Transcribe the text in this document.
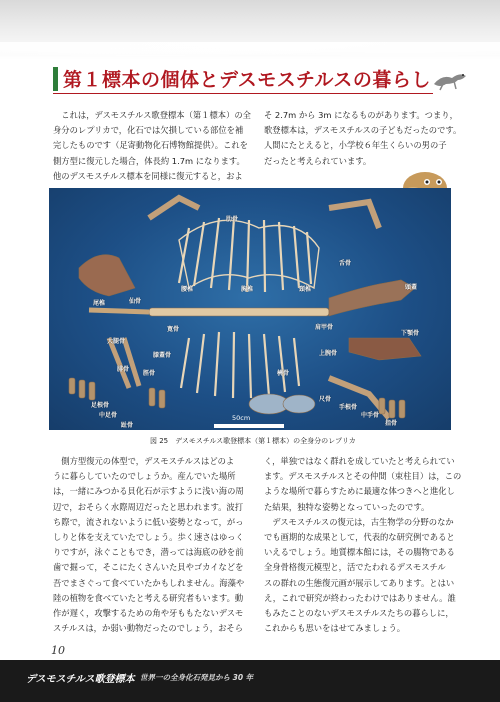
第１標本の個体とデスモスチルスの暮らし
　これは，デスモスチルス歌登標本（第１標本）の全
身分のレプリカで，化石では欠損している部位を補
完したものです（足寄動物化石博物館提供）。これを
側方型に復元した場合，体長約 1.7m になります。
他のデスモスチルス標本を同様に復元すると，およ
そ 2.7m から 3m になるものがあります。つまり，
歌登標本は，デスモスチルスの子どもだったのです。
人間にたとえると，小学校６年生くらいの男の子
だったと考えられています。
肋骨
尾椎	仙骨
腰椎	胸椎	頸椎
舌骨
頭蓋
寛骨	肩甲骨
下顎骨
大腿骨
上腕骨
膝蓋骨
脛骨
腓骨
橈骨
尺骨
足根骨
中足骨
趾骨
手根骨
中手骨
指骨
50cm
図 25　デスモスチルス歌登標本（第１標本）の全身分のレプリカ
　側方型復元の体型で，デスモスチルスはどのよ
うに暮らしていたのでしょうか。産んでいた場所
は，一緒にみつかる貝化石が示すように浅い海の周
辺で，おそらく水際周辺だったと思われます。波打
ち際で，流されないように低い姿勢となって，がっ
しりと体を支えていたでしょう。歩く速さはゆっく
りですが，泳ぐこともでき，潜っては海底の砂を前
歯で掘って，そこにたくさんいた貝やゴカイなどを
吾でまさぐって食べていたかもしれません。海藻や
陸の植物を食べていたと考える研究者もいます。動
作が遅く，攻撃するための角や牙ももたないデスモ
スチルスは，か弱い動物だったのでしょう，おそら
く，単独ではなく群れを成していたと考えられてい
ます。デスモスチルスとその仲間（束柱目）は，この
ような場所で暮らすために最適な体つきへと進化し
た結果，独特な姿勢となっていったのです。
　デスモスチルスの復元は，古生物学の分野のなか
でも画期的な成果として，代表的な研究例であると
いえるでしょう。地質標本館には，その腸物である
全身骨格復元模型と，活でたわれるデスモスチル
スの群れの生態復元画が展示してあります。とはい
え，これで研究が終わったわけではありません。誰
もみたことのないデスモスチルスたちの暮らしに，
これからも思いをはせてみましょう。
10
デスモスチルス歌登標本 世界一の全身化石発見から 30 年
